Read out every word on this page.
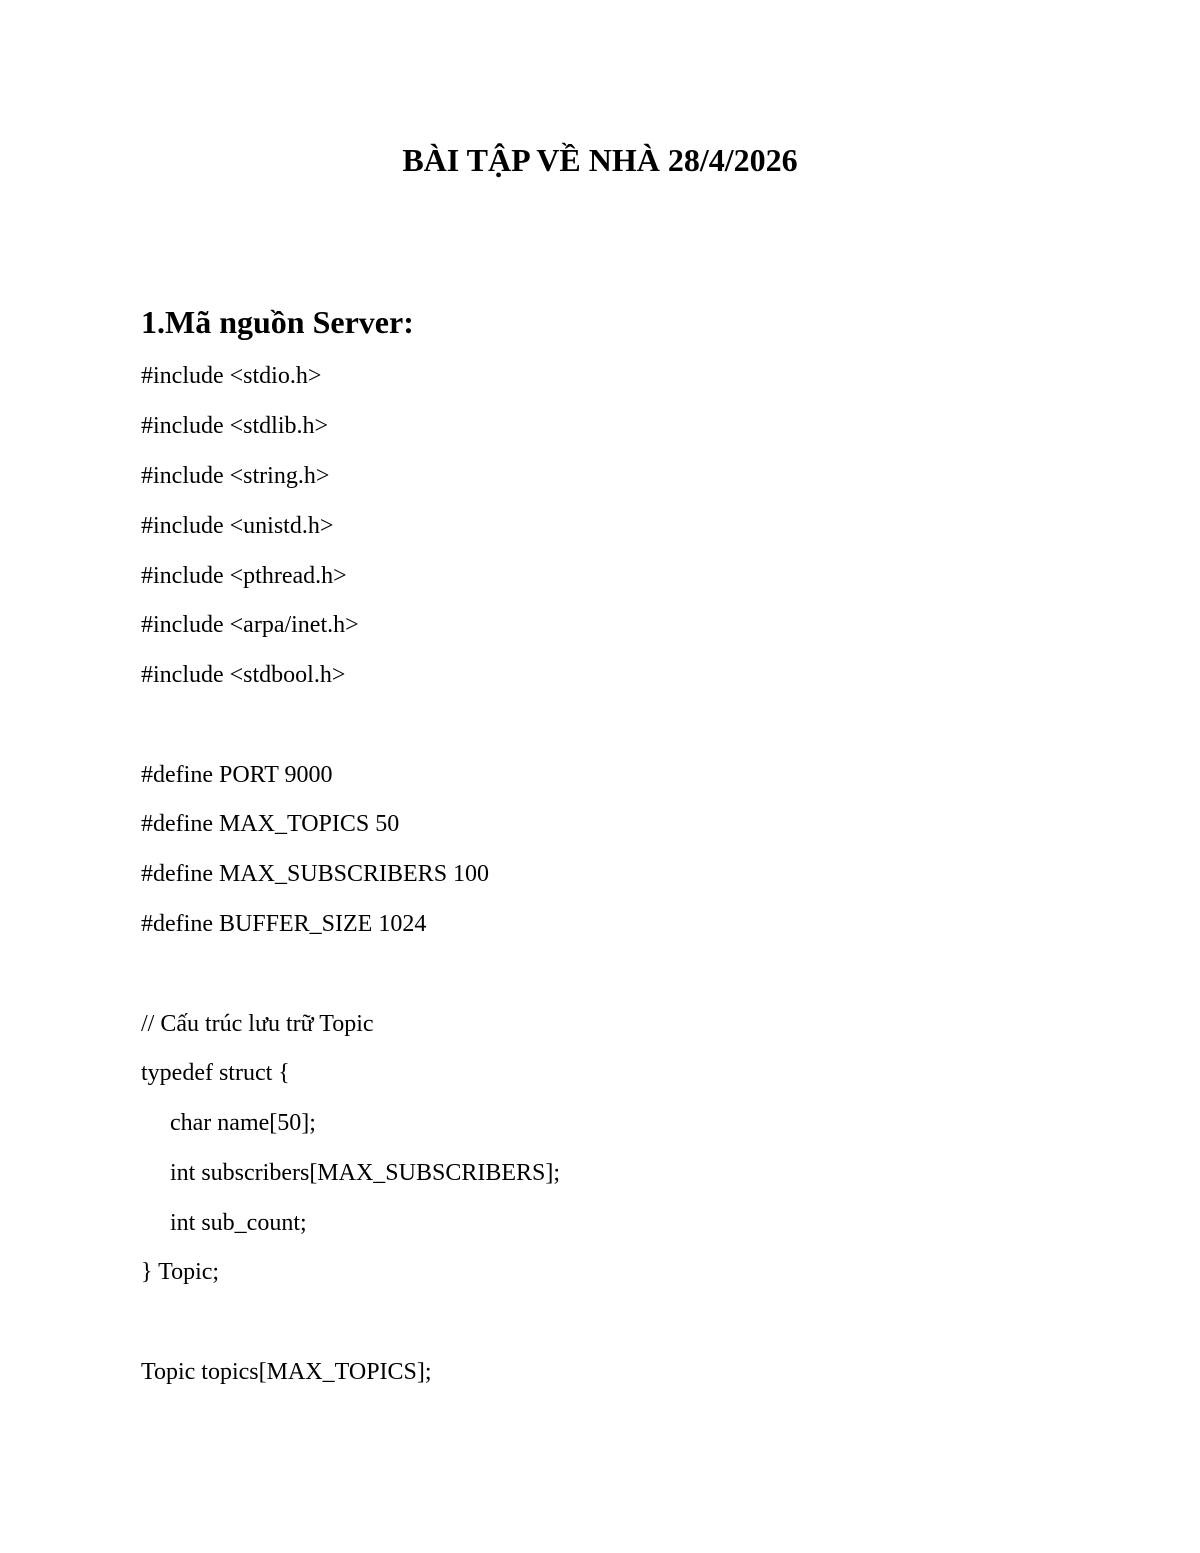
BÀI TẬP VỀ NHÀ 28/4/2026
1.Mã nguồn Server:
#include <stdio.h>
#include <stdlib.h>
#include <string.h>
#include <unistd.h>
#include <pthread.h>
#include <arpa/inet.h>
#include <stdbool.h>
#define PORT 9000
#define MAX_TOPICS 50
#define MAX_SUBSCRIBERS 100
#define BUFFER_SIZE 1024
// Cấu trúc lưu trữ Topic
typedef struct {
char name[50];
int subscribers[MAX_SUBSCRIBERS];
int sub_count;
} Topic;
Topic topics[MAX_TOPICS];
